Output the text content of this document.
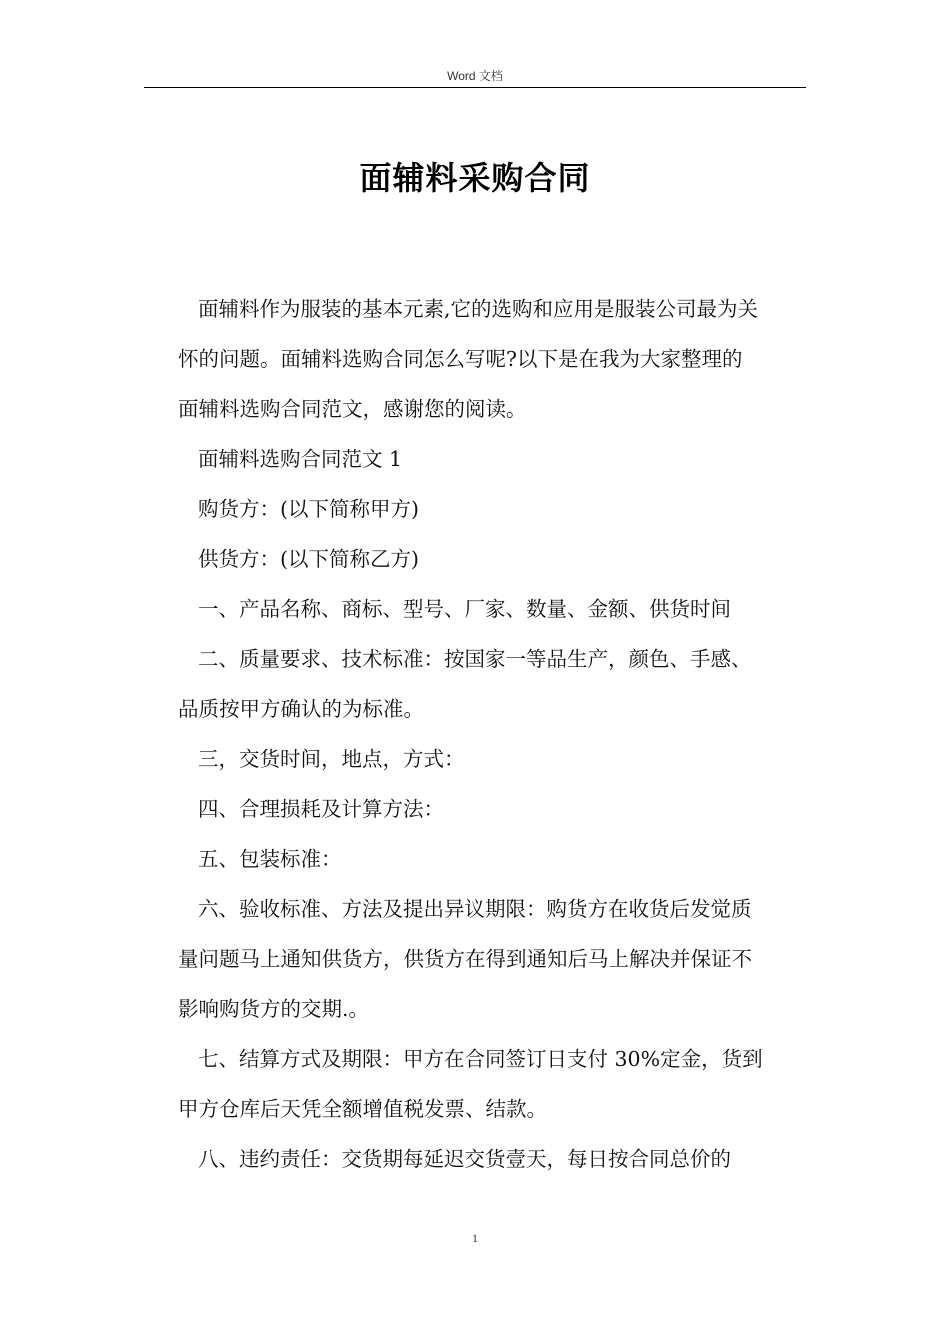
Word 文档
面辅料采购合同

面辅料作为服装的基本元素,它的选购和应用是服装公司最为关

怀的问题。面辅料选购合同怎么写呢?以下是在我为大家整理的

面辅料选购合同范文，感谢您的阅读。

面辅料选购合同范文 1

购货方：(以下简称甲方)

供货方：(以下简称乙方)

一、产品名称、商标、型号、厂家、数量、金额、供货时间

二、质量要求、技术标准：按国家一等品生产，颜色、手感、

品质按甲方确认的为标准。

三，交货时间，地点，方式：

四、合理损耗及计算方法：

五、包装标准：

六、验收标准、方法及提出异议期限：购货方在收货后发觉质

量问题马上通知供货方，供货方在得到通知后马上解决并保证不

影响购货方的交期.。

七、结算方式及期限：甲方在合同签订日支付 30%定金，货到

甲方仓库后天凭全额增值税发票、结款。

八、违约责任：交货期每延迟交货壹天，每日按合同总价的

1
